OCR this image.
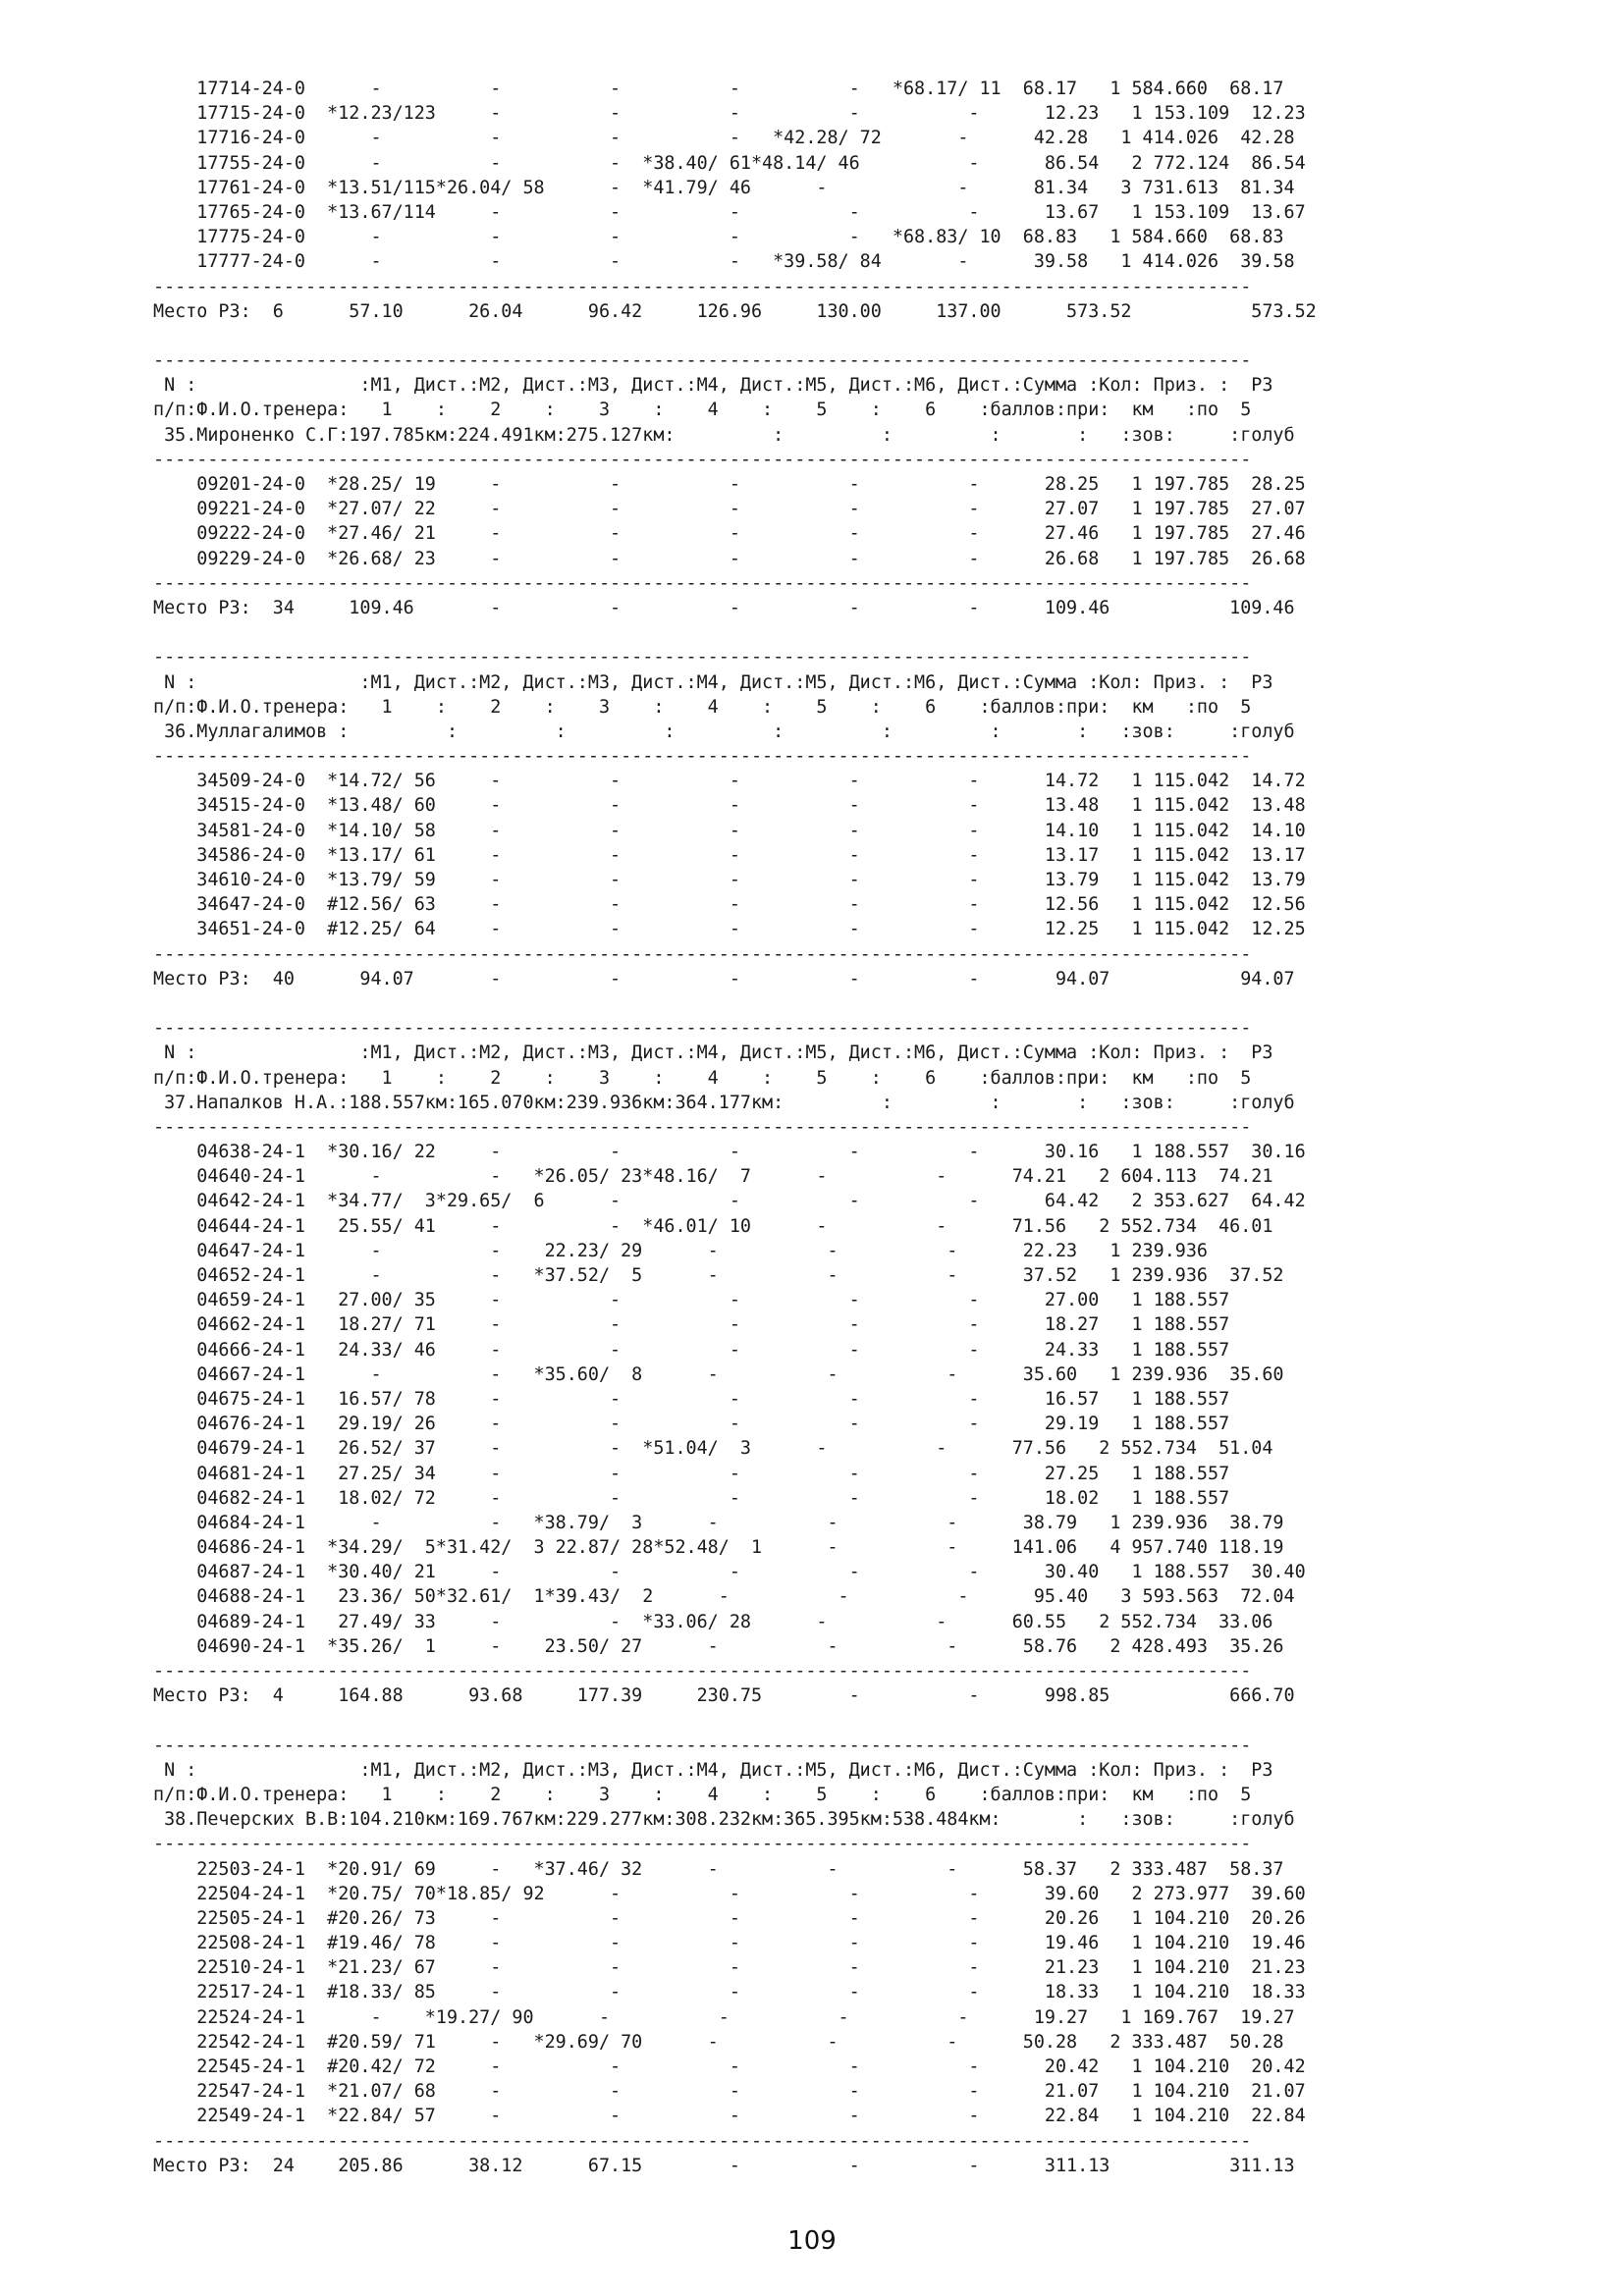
17714-24-0      -          -          -          -          -   *68.17/ 11  68.17   1 584.660  68.17
17715-24-0  *12.23/123     -          -          -          -          -      12.23   1 153.109  12.23
17716-24-0      -          -          -          -   *42.28/ 72       -      42.28   1 414.026  42.28
17755-24-0      -          -          -  *38.40/ 61*48.14/ 46          -      86.54   2 772.124  86.54
17761-24-0  *13.51/115*26.04/ 58      -  *41.79/ 46      -            -      81.34   3 731.613  81.34
17765-24-0  *13.67/114     -          -          -          -          -      13.67   1 153.109  13.67
17775-24-0      -          -          -          -          -   *68.83/ 10  68.83   1 584.660  68.83
17777-24-0      -          -          -          -   *39.58/ 84       -      39.58   1 414.026  39.58
-----------------------------------------------------------------------------------------------------
Место РЗ:  6      57.10      26.04      96.42     126.96     130.00     137.00      573.52           573.52
-----------------------------------------------------------------------------------------------------
N :               :М1, Дист.:М2, Дист.:М3, Дист.:М4, Дист.:М5, Дист.:М6, Дист.:Сумма :Кол: Приз. :  РЗ
п/п:Ф.И.О.тренера:   1    :    2    :    3    :    4    :    5    :    6    :баллов:при:  км   :по  5
35.Мироненко С.Г:197.785км:224.491км:275.127км:         :         :         :       :   :зов:     :голуб
-----------------------------------------------------------------------------------------------------
09201-24-0  *28.25/ 19     -          -          -          -          -      28.25   1 197.785  28.25
09221-24-0  *27.07/ 22     -          -          -          -          -      27.07   1 197.785  27.07
09222-24-0  *27.46/ 21     -          -          -          -          -      27.46   1 197.785  27.46
09229-24-0  *26.68/ 23     -          -          -          -          -      26.68   1 197.785  26.68
-----------------------------------------------------------------------------------------------------
Место РЗ:  34     109.46       -          -          -          -          -      109.46           109.46
-----------------------------------------------------------------------------------------------------
N :               :М1, Дист.:М2, Дист.:М3, Дист.:М4, Дист.:М5, Дист.:М6, Дист.:Сумма :Кол: Приз. :  РЗ
п/п:Ф.И.О.тренера:   1    :    2    :    3    :    4    :    5    :    6    :баллов:при:  км   :по  5
36.Муллагалимов :         :         :         :         :         :         :       :   :зов:     :голуб
-----------------------------------------------------------------------------------------------------
34509-24-0  *14.72/ 56     -          -          -          -          -      14.72   1 115.042  14.72
34515-24-0  *13.48/ 60     -          -          -          -          -      13.48   1 115.042  13.48
34581-24-0  *14.10/ 58     -          -          -          -          -      14.10   1 115.042  14.10
34586-24-0  *13.17/ 61     -          -          -          -          -      13.17   1 115.042  13.17
34610-24-0  *13.79/ 59     -          -          -          -          -      13.79   1 115.042  13.79
34647-24-0  #12.56/ 63     -          -          -          -          -      12.56   1 115.042  12.56
34651-24-0  #12.25/ 64     -          -          -          -          -      12.25   1 115.042  12.25
-----------------------------------------------------------------------------------------------------
Место РЗ:  40      94.07       -          -          -          -          -       94.07            94.07
-----------------------------------------------------------------------------------------------------
N :               :М1, Дист.:М2, Дист.:М3, Дист.:М4, Дист.:М5, Дист.:М6, Дист.:Сумма :Кол: Приз. :  РЗ
п/п:Ф.И.О.тренера:   1    :    2    :    3    :    4    :    5    :    6    :баллов:при:  км   :по  5
37.Напалков Н.А.:188.557км:165.070км:239.936км:364.177км:         :         :       :   :зов:     :голуб
-----------------------------------------------------------------------------------------------------
04638-24-1  *30.16/ 22     -          -          -          -          -      30.16   1 188.557  30.16
04640-24-1      -          -   *26.05/ 23*48.16/  7      -          -      74.21   2 604.113  74.21
04642-24-1  *34.77/  3*29.65/  6      -          -          -          -      64.42   2 353.627  64.42
04644-24-1   25.55/ 41     -          -  *46.01/ 10      -          -      71.56   2 552.734  46.01
04647-24-1      -          -    22.23/ 29      -          -          -      22.23   1 239.936
04652-24-1      -          -   *37.52/  5      -          -          -      37.52   1 239.936  37.52
04659-24-1   27.00/ 35     -          -          -          -          -      27.00   1 188.557
04662-24-1   18.27/ 71     -          -          -          -          -      18.27   1 188.557
04666-24-1   24.33/ 46     -          -          -          -          -      24.33   1 188.557
04667-24-1      -          -   *35.60/  8      -          -          -      35.60   1 239.936  35.60
04675-24-1   16.57/ 78     -          -          -          -          -      16.57   1 188.557
04676-24-1   29.19/ 26     -          -          -          -          -      29.19   1 188.557
04679-24-1   26.52/ 37     -          -  *51.04/  3      -          -      77.56   2 552.734  51.04
04681-24-1   27.25/ 34     -          -          -          -          -      27.25   1 188.557
04682-24-1   18.02/ 72     -          -          -          -          -      18.02   1 188.557
04684-24-1      -          -   *38.79/  3      -          -          -      38.79   1 239.936  38.79
04686-24-1  *34.29/  5*31.42/  3 22.87/ 28*52.48/  1      -          -     141.06   4 957.740 118.19
04687-24-1  *30.40/ 21     -          -          -          -          -      30.40   1 188.557  30.40
04688-24-1   23.36/ 50*32.61/  1*39.43/  2      -          -          -      95.40   3 593.563  72.04
04689-24-1   27.49/ 33     -          -  *33.06/ 28      -          -      60.55   2 552.734  33.06
04690-24-1  *35.26/  1     -    23.50/ 27      -          -          -      58.76   2 428.493  35.26
-----------------------------------------------------------------------------------------------------
Место РЗ:  4     164.88      93.68     177.39     230.75        -          -      998.85           666.70
-----------------------------------------------------------------------------------------------------
N :               :М1, Дист.:М2, Дист.:М3, Дист.:М4, Дист.:М5, Дист.:М6, Дист.:Сумма :Кол: Приз. :  РЗ
п/п:Ф.И.О.тренера:   1    :    2    :    3    :    4    :    5    :    6    :баллов:при:  км   :по  5
38.Печерских В.В:104.210км:169.767км:229.277км:308.232км:365.395км:538.484км:       :   :зов:     :голуб
-----------------------------------------------------------------------------------------------------
22503-24-1  *20.91/ 69     -   *37.46/ 32      -          -          -      58.37   2 333.487  58.37
22504-24-1  *20.75/ 70*18.85/ 92      -          -          -          -      39.60   2 273.977  39.60
22505-24-1  #20.26/ 73     -          -          -          -          -      20.26   1 104.210  20.26
22508-24-1  #19.46/ 78     -          -          -          -          -      19.46   1 104.210  19.46
22510-24-1  *21.23/ 67     -          -          -          -          -      21.23   1 104.210  21.23
22517-24-1  #18.33/ 85     -          -          -          -          -      18.33   1 104.210  18.33
22524-24-1      -    *19.27/ 90      -          -          -          -      19.27   1 169.767  19.27
22542-24-1  #20.59/ 71     -   *29.69/ 70      -          -          -      50.28   2 333.487  50.28
22545-24-1  #20.42/ 72     -          -          -          -          -      20.42   1 104.210  20.42
22547-24-1  *21.07/ 68     -          -          -          -          -      21.07   1 104.210  21.07
22549-24-1  *22.84/ 57     -          -          -          -          -      22.84   1 104.210  22.84
-----------------------------------------------------------------------------------------------------
Место РЗ:  24    205.86      38.12      67.15        -          -          -      311.13           311.13
109
